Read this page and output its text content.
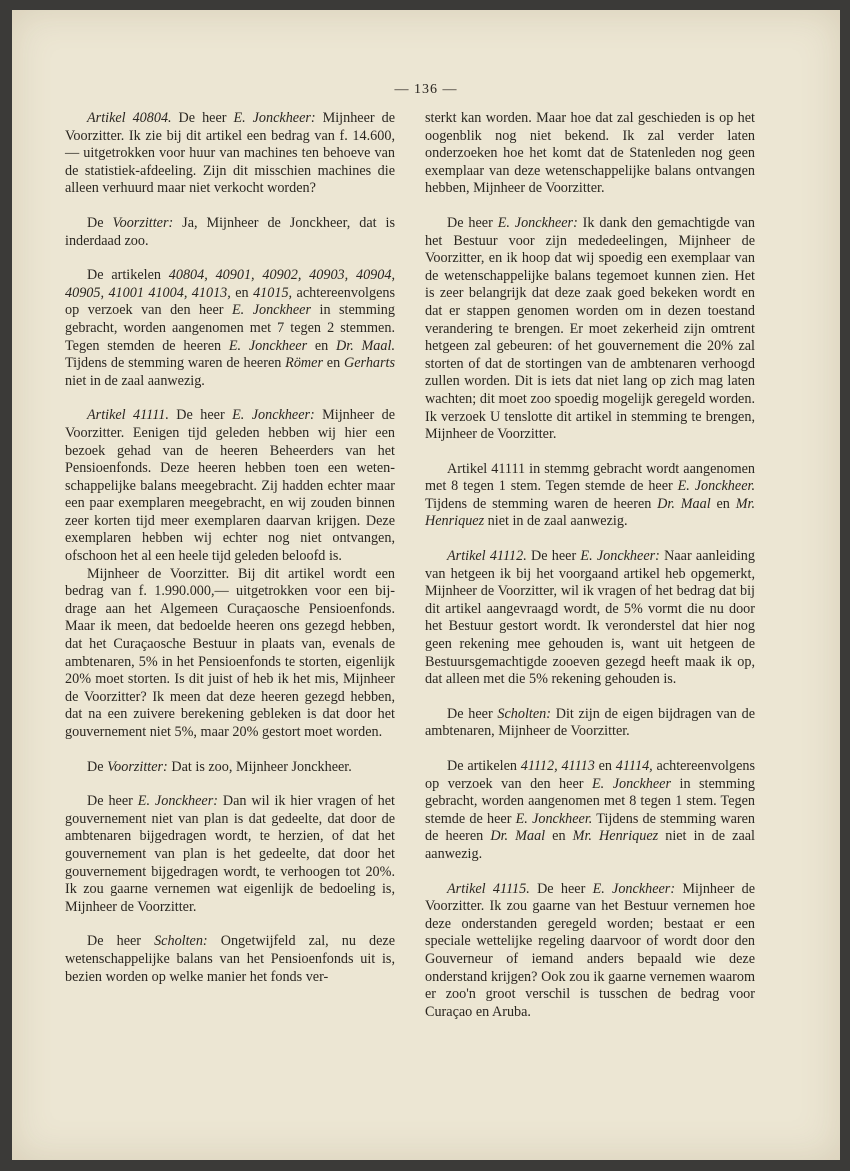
— 136 —

Artikel 40804. De heer E. Jonckheer: Mijnheer de Voorzitter. Ik zie bij dit artikel een bedrag van f. 14.600,— uitgetrokken voor huur van machines ten behoeve van de statistiek-afdeeling. Zijn dit misschien machines die alleen verhuurd maar niet verkocht worden?

De Voorzitter: Ja, Mijnheer de Jonckheer, dat is inderdaad zoo.

De artikelen 40804, 40901, 40902, 40903, 40904, 40905, 41001 41004, 41013, en 41015, achtereenvolgens op verzoek van den heer E. Jonckheer in stemming gebracht, worden aangenomen met 7 tegen 2 stemmen. Tegen stemden de heeren E. Jonckheer en Dr. Maal. Tijdens de stemming waren de heeren Römer en Gerharts niet in de zaal aanwezig.

Artikel 41111. De heer E. Jonckheer: Mijnheer de Voorzitter. Eenigen tijd geleden hebben wij hier een bezoek gehad van de heeren Beheerders van het Pensioenfonds. Deze heeren hebben toen een wetenschappelijke balans meegebracht. Zij hadden echter maar een paar exemplaren meegebracht, en wij zouden binnen zeer korten tijd meer exemplaren daarvan krijgen. Deze exemplaren hebben wij echter nog niet ontvangen, ofschoon het al een heele tijd geleden beloofd is.

Mijnheer de Voorzitter. Bij dit artikel wordt een bedrag van f. 1.990.000,— uitgetrokken voor een bijdrage aan het Algemeen Curaçaosche Pensioenfonds. Maar ik meen, dat bedoelde heeren ons gezegd hebben, dat het Curaçaosche Bestuur in plaats van, evenals de ambtenaren, 5% in het Pensioenfonds te storten, eigenlijk 20% moet storten. Is dit juist of heb ik het mis, Mijnheer de Voorzitter? Ik meen dat deze heeren gezegd hebben, dat na een zuivere berekening gebleken is dat door het gouvernement niet 5%, maar 20% gestort moet worden.

De Voorzitter: Dat is zoo, Mijnheer Jonckheer.

De heer E. Jonckheer: Dan wil ik hier vragen of het gouvernement niet van plan is dat gedeelte, dat door de ambtenaren bijgedragen wordt, te herzien, of dat het gouvernement van plan is het gedeelte, dat door het gouvernement bijgedragen wordt, te verhoogen tot 20%. Ik zou gaarne vernemen wat eigenlijk de bedoeling is, Mijnheer de Voorzitter.

De heer Scholten: Ongetwijfeld zal, nu deze wetenschappelijke balans van het Pensioenfonds uit is, bezien worden op welke manier het fonds ver-

sterkt kan worden. Maar hoe dat zal geschieden is op het oogenblik nog niet bekend. Ik zal verder laten onderzoeken hoe het komt dat de Statenleden nog geen exemplaar van deze wetenschappelijke balans ontvangen hebben, Mijnheer de Voorzitter.

De heer E. Jonckheer: Ik dank den gemachtigde van het Bestuur voor zijn mededeelingen, Mijnheer de Voorzitter, en ik hoop dat wij spoedig een exemplaar van de wetenschappelijke balans tegemoet kunnen zien. Het is zeer belangrijk dat deze zaak goed bekeken wordt en dat er stappen genomen worden om in dezen toestand verandering te brengen. Er moet zekerheid zijn omtrent hetgeen zal gebeuren: of het gouvernement die 20% zal storten of dat de stortingen van de ambtenaren verhoogd zullen worden. Dit is iets dat niet lang op zich mag laten wachten; dit moet zoo spoedig mogelijk geregeld worden. Ik verzoek U tenslotte dit artikel in stemming te brengen, Mijnheer de Voorzitter.

Artikel 41111 in stemmg gebracht wordt aangenomen met 8 tegen 1 stem. Tegen stemde de heer E. Jonckheer. Tijdens de stemming waren de heeren Dr. Maal en Mr. Henriquez niet in de zaal aanwezig.

Artikel 41112. De heer E. Jonckheer: Naar aanleiding van hetgeen ik bij het voorgaand artikel heb opgemerkt, Mijnheer de Voorzitter, wil ik vragen of het bedrag dat bij dit artikel aangevraagd wordt, de 5% vormt die nu door het Bestuur gestort wordt. Ik veronderstel dat hier nog geen rekening mee gehouden is, want uit hetgeen de Bestuursgemachtigde zooeven gezegd heeft maak ik op, dat alleen met die 5% rekening gehouden is.

De heer Scholten: Dit zijn de eigen bijdragen van de ambtenaren, Mijnheer de Voorzitter.

De artikelen 41112, 41113 en 41114, achtereenvolgens op verzoek van den heer E. Jonckheer in stemming gebracht, worden aangenomen met 8 tegen 1 stem. Tegen stemde de heer E. Jonckheer. Tijdens de stemming waren de heeren Dr. Maal en Mr. Henriquez niet in de zaal aanwezig.

Artikel 41115. De heer E. Jonckheer: Mijnheer de Voorzitter. Ik zou gaarne van het Bestuur vernemen hoe deze onderstanden geregeld worden; bestaat er een speciale wettelijke regeling daarvoor of wordt door den Gouverneur of iemand anders bepaald wie deze onderstand krijgen? Ook zou ik gaarne vernemen waarom er zoo'n groot verschil is tusschen de bedrag voor Curaçao en Aruba.
